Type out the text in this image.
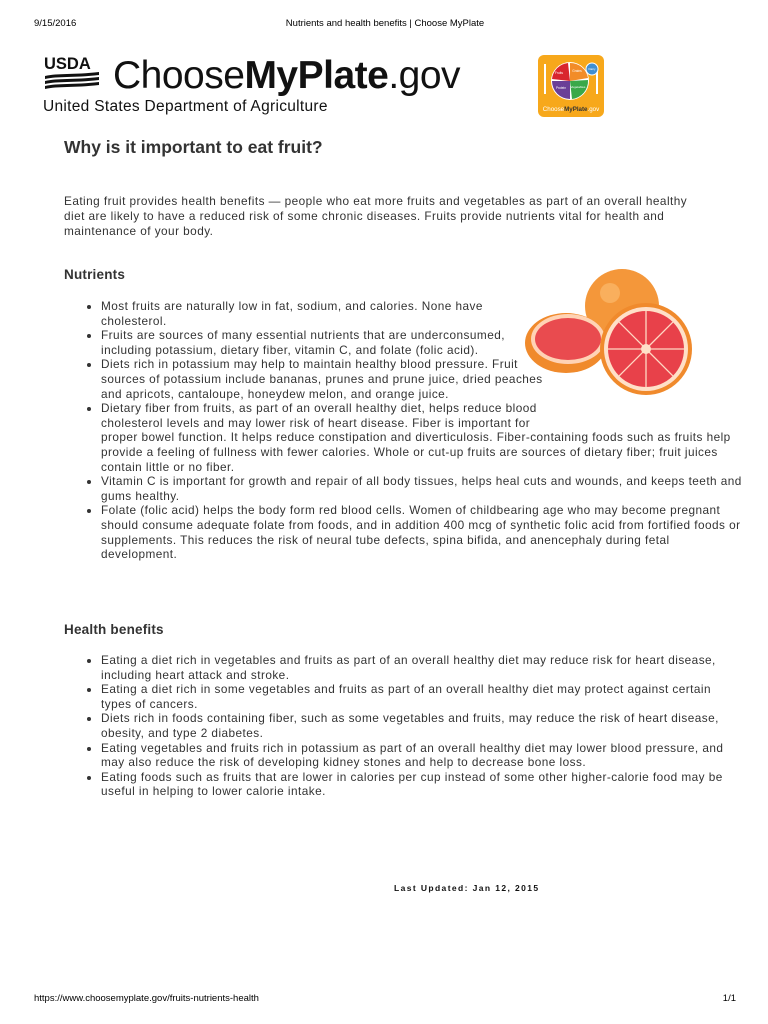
9/15/2016	Nutrients and health benefits | Choose MyPlate
USDA ChooseMyPlate.gov
United States Department of Agriculture
Fruits	Grains
Vegetables
Protein
Dairy
ChooseMyPlate.gov
Why is it important to eat fruit?

Eating fruit provides health benefits — people who eat more fruits and vegetables as part of an overall healthy diet are likely to have a reduced risk of some chronic diseases. Fruits provide nutrients vital for health and maintenance of your body.

Nutrients
• Most fruits are naturally low in fat, sodium, and calories. None have cholesterol.
• Fruits are sources of many essential nutrients that are underconsumed, including potassium, dietary fiber, vitamin C, and folate (folic acid).
• Diets rich in potassium may help to maintain healthy blood pressure. Fruit sources of potassium include bananas, prunes and prune juice, dried peaches and apricots, cantaloupe, honeydew melon, and orange juice.
• Dietary fiber from fruits, as part of an overall healthy diet, helps reduce blood cholesterol levels and may lower risk of heart disease. Fiber is important for proper bowel function. It helps reduce constipation and diverticulosis. Fiber-containing foods such as fruits help provide a feeling of fullness with fewer calories. Whole or cut-up fruits are sources of dietary fiber; fruit juices contain little or no fiber.
• Vitamin C is important for growth and repair of all body tissues, helps heal cuts and wounds, and keeps teeth and gums healthy.
• Folate (folic acid) helps the body form red blood cells. Women of childbearing age who may become pregnant should consume adequate folate from foods, and in addition 400 mcg of synthetic folic acid from fortified foods or supplements. This reduces the risk of neural tube defects, spina bifida, and anencephaly during fetal development.
Health benefits
• Eating a diet rich in vegetables and fruits as part of an overall healthy diet may reduce risk for heart disease, including heart attack and stroke.
• Eating a diet rich in some vegetables and fruits as part of an overall healthy diet may protect against certain types of cancers.
• Diets rich in foods containing fiber, such as some vegetables and fruits, may reduce the risk of heart disease, obesity, and type 2 diabetes.
• Eating vegetables and fruits rich in potassium as part of an overall healthy diet may lower blood pressure, and may also reduce the risk of developing kidney stones and help to decrease bone loss.
• Eating foods such as fruits that are lower in calories per cup instead of some other higher-calorie food may be useful in helping to lower calorie intake.
Last Updated: Jan 12, 2015
https://www.choosemyplate.gov/fruits-nutrients-health	1/1
